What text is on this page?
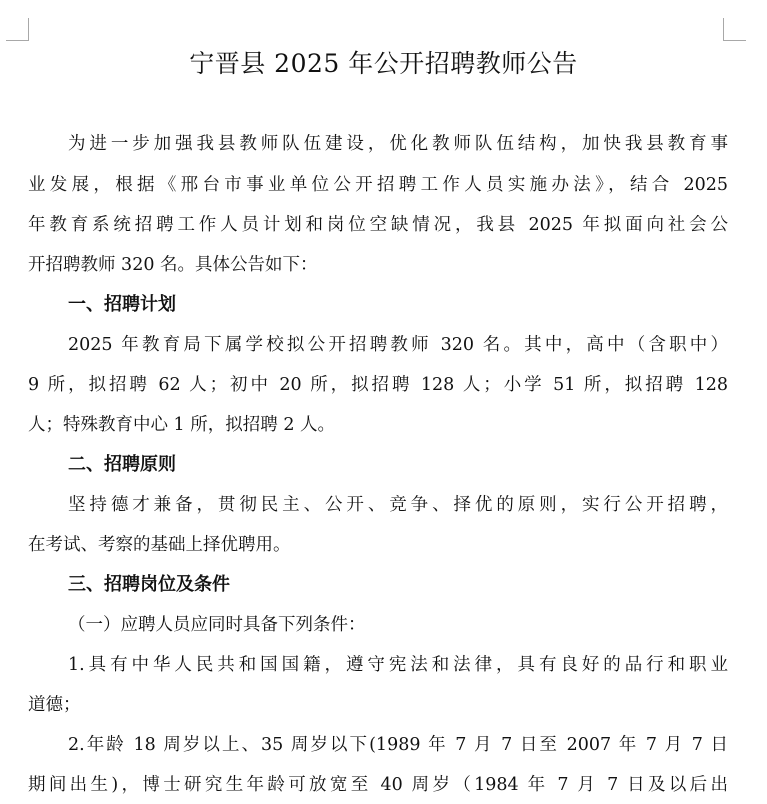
宁晋县 2025 年公开招聘教师公告
为进一步加强我县教师队伍建设，优化教师队伍结构，加快我县教育事
业发展，根据《邢台市事业单位公开招聘工作人员实施办法》，结合 2025
年教育系统招聘工作人员计划和岗位空缺情况，我县 2025 年拟面向社会公
开招聘教师 320 名。具体公告如下：
一、招聘计划
2025 年教育局下属学校拟公开招聘教师 320 名。其中，高中（含职中）
9 所，拟招聘 62 人；初中 20 所，拟招聘 128 人；小学 51 所，拟招聘 128
人；特殊教育中心 1 所，拟招聘 2 人。
二、招聘原则
坚持德才兼备，贯彻民主、公开、竞争、择优的原则，实行公开招聘，
在考试、考察的基础上择优聘用。
三、招聘岗位及条件
（一）应聘人员应同时具备下列条件：
1.具有中华人民共和国国籍，遵守宪法和法律，具有良好的品行和职业
道德；
2.年龄 18 周岁以上、35 周岁以下(1989 年 7 月 7 日至 2007 年 7 月 7 日
期间出生)，博士研究生年龄可放宽至 40 周岁（1984 年 7 月 7 日及以后出
